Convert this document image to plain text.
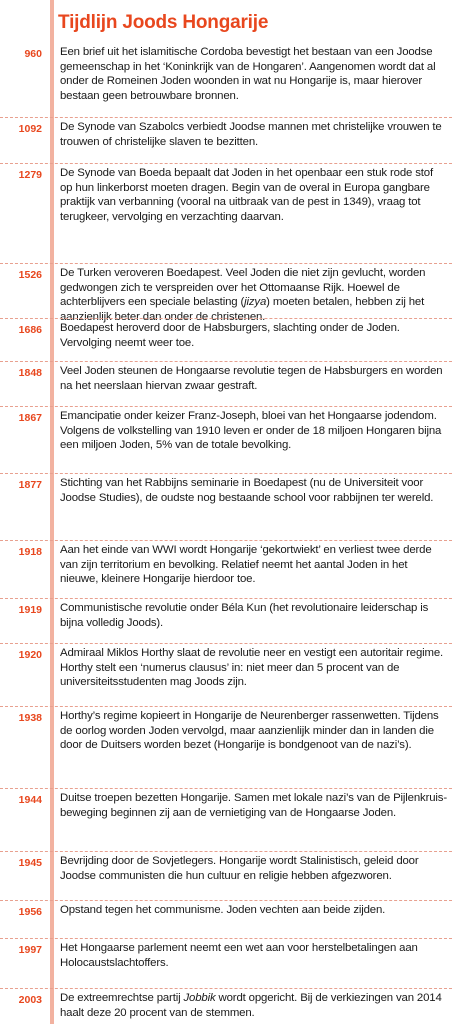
Tijdlijn Joods Hongarije
960 Een brief uit het islamitische Cordoba bevestigt het bestaan van een Joodse gemeenschap in het ‘Koninkrijk van de Hongaren’. Aangenomen wordt dat al onder de Romeinen Joden woonden in wat nu Hongarije is, maar hierover bestaan geen betrouwbare bronnen.

1092 De Synode van Szabolcs verbiedt Joodse mannen met christelijke vrouwen te trouwen of christelijke slaven te bezitten.

1279 De Synode van Boeda bepaalt dat Joden in het openbaar een stuk rode stof op hun linkerborst moeten dragen. Begin van de overal in Europa gangbare praktijk van verbanning (vooral na uitbraak van de pest in 1349), vraag tot terugkeer, vervolging en verzachting daarvan.

1526 De Turken veroveren Boedapest. Veel Joden die niet zijn gevlucht, worden gedwongen zich te verspreiden over het Ottomaanse Rijk. Hoewel de achterblijvers een speciale belasting (jizya) moeten betalen, hebben zij het aanzienlijk beter dan onder de christenen.

1686 Boedapest heroverd door de Habsburgers, slachting onder de Joden. Vervolging neemt weer toe.

1848 Veel Joden steunen de Hongaarse revolutie tegen de Habsburgers en worden na het neerslaan hiervan zwaar gestraft.

1867 Emancipatie onder keizer Franz-Joseph, bloei van het Hongaarse jodendom. Volgens de volkstelling van 1910 leven er onder de 18 miljoen Hongaren bijna een miljoen Joden, 5% van de totale bevolking.

1877 Stichting van het Rabbijns seminarie in Boedapest (nu de Universiteit voor Joodse Studies), de oudste nog bestaande school voor rabbijnen ter wereld.

1918 Aan het einde van WWI wordt Hongarije ‘gekortwiekt’ en verliest twee derde van zijn territorium en bevolking. Relatief neemt het aantal Joden in het nieuwe, kleinere Hongarije hierdoor toe.

1919 Communistische revolutie onder Béla Kun (het revolutionaire leiderschap is bijna volledig Joods).

1920 Admiraal Miklos Horthy slaat de revolutie neer en vestigt een autoritair regime. Horthy stelt een ‘numerus clausus’ in: niet meer dan 5 procent van de universiteitsstudenten mag Joods zijn.

1938 Horthy’s regime kopieert in Hongarije de Neurenberger rassenwetten. Tijdens de oorlog worden Joden vervolgd, maar aanzienlijk minder dan in landen die door de Duitsers worden bezet (Hongarije is bondgenoot van de nazi’s).

1944 Duitse troepen bezetten Hongarije. Samen met lokale nazi’s van de Pijlenkruis-beweging beginnen zij aan de vernietiging van de Hongaarse Joden.

1945 Bevrijding door de Sovjetlegers. Hongarije wordt Stalinistisch, geleid door Joodse communisten die hun cultuur en religie hebben afgezworen.

1956 Opstand tegen het communisme. Joden vechten aan beide zijden.

1997 Het Hongaarse parlement neemt een wet aan voor herstelbetalingen aan Holocaustslachtoffers.

2003 De extreemrechtse partij Jobbik wordt opgericht. Bij de verkiezingen van 2014 haalt deze 20 procent van de stemmen.
